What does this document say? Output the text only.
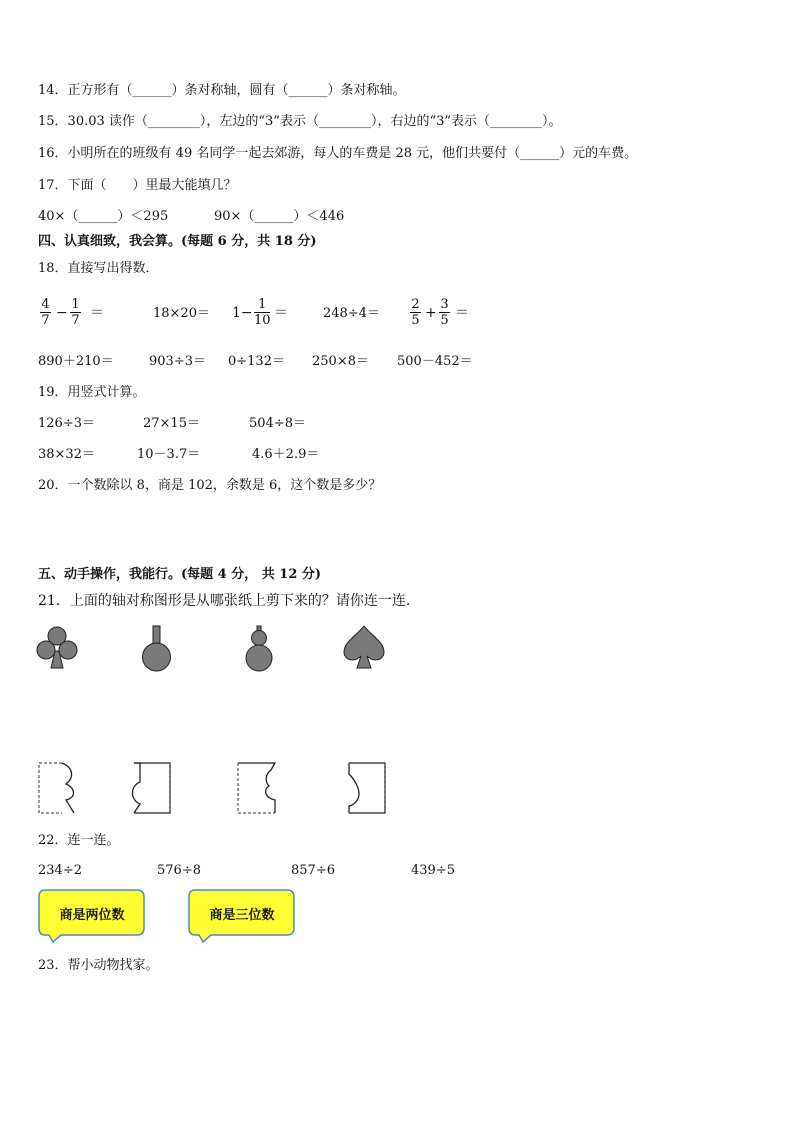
14．正方形有（______）条对称轴，圆有（______）条对称轴。
15．30.03 读作（________），左边的“3”表示（________），右边的“3”表示（________）。
16．小明所在的班级有 49 名同学一起去郊游，每人的车费是 28 元，他们共要付（______）元的车费。
17．下面（　　）里最大能填几？
40×（______）＜295	90×（______）＜446
四、认真细致，我会算。(每题 6 分，共 18 分)
18．直接写出得数．
4
7 −
1
7 ＝	18×20＝ 1−
1
10 ＝	248÷4＝
2
5 +
3
5 ＝
890＋210＝	903÷3＝ 0÷132＝ 250×8＝ 500－452＝
19．用竖式计算。
126÷3＝	27×15＝	504÷8＝
38×32＝	10－3.7＝	4.6＋2.9＝
20．一个数除以 8，商是 102，余数是 6，这个数是多少？
五、动手操作，我能行。(每题 4 分， 共 12 分)
21．上面的轴对称图形是从哪张纸上剪下来的？请你连一连.
22．连一连。
234÷2	576÷8	857÷6	439÷5
商是两位数	商是三位数
23．帮小动物找家。
